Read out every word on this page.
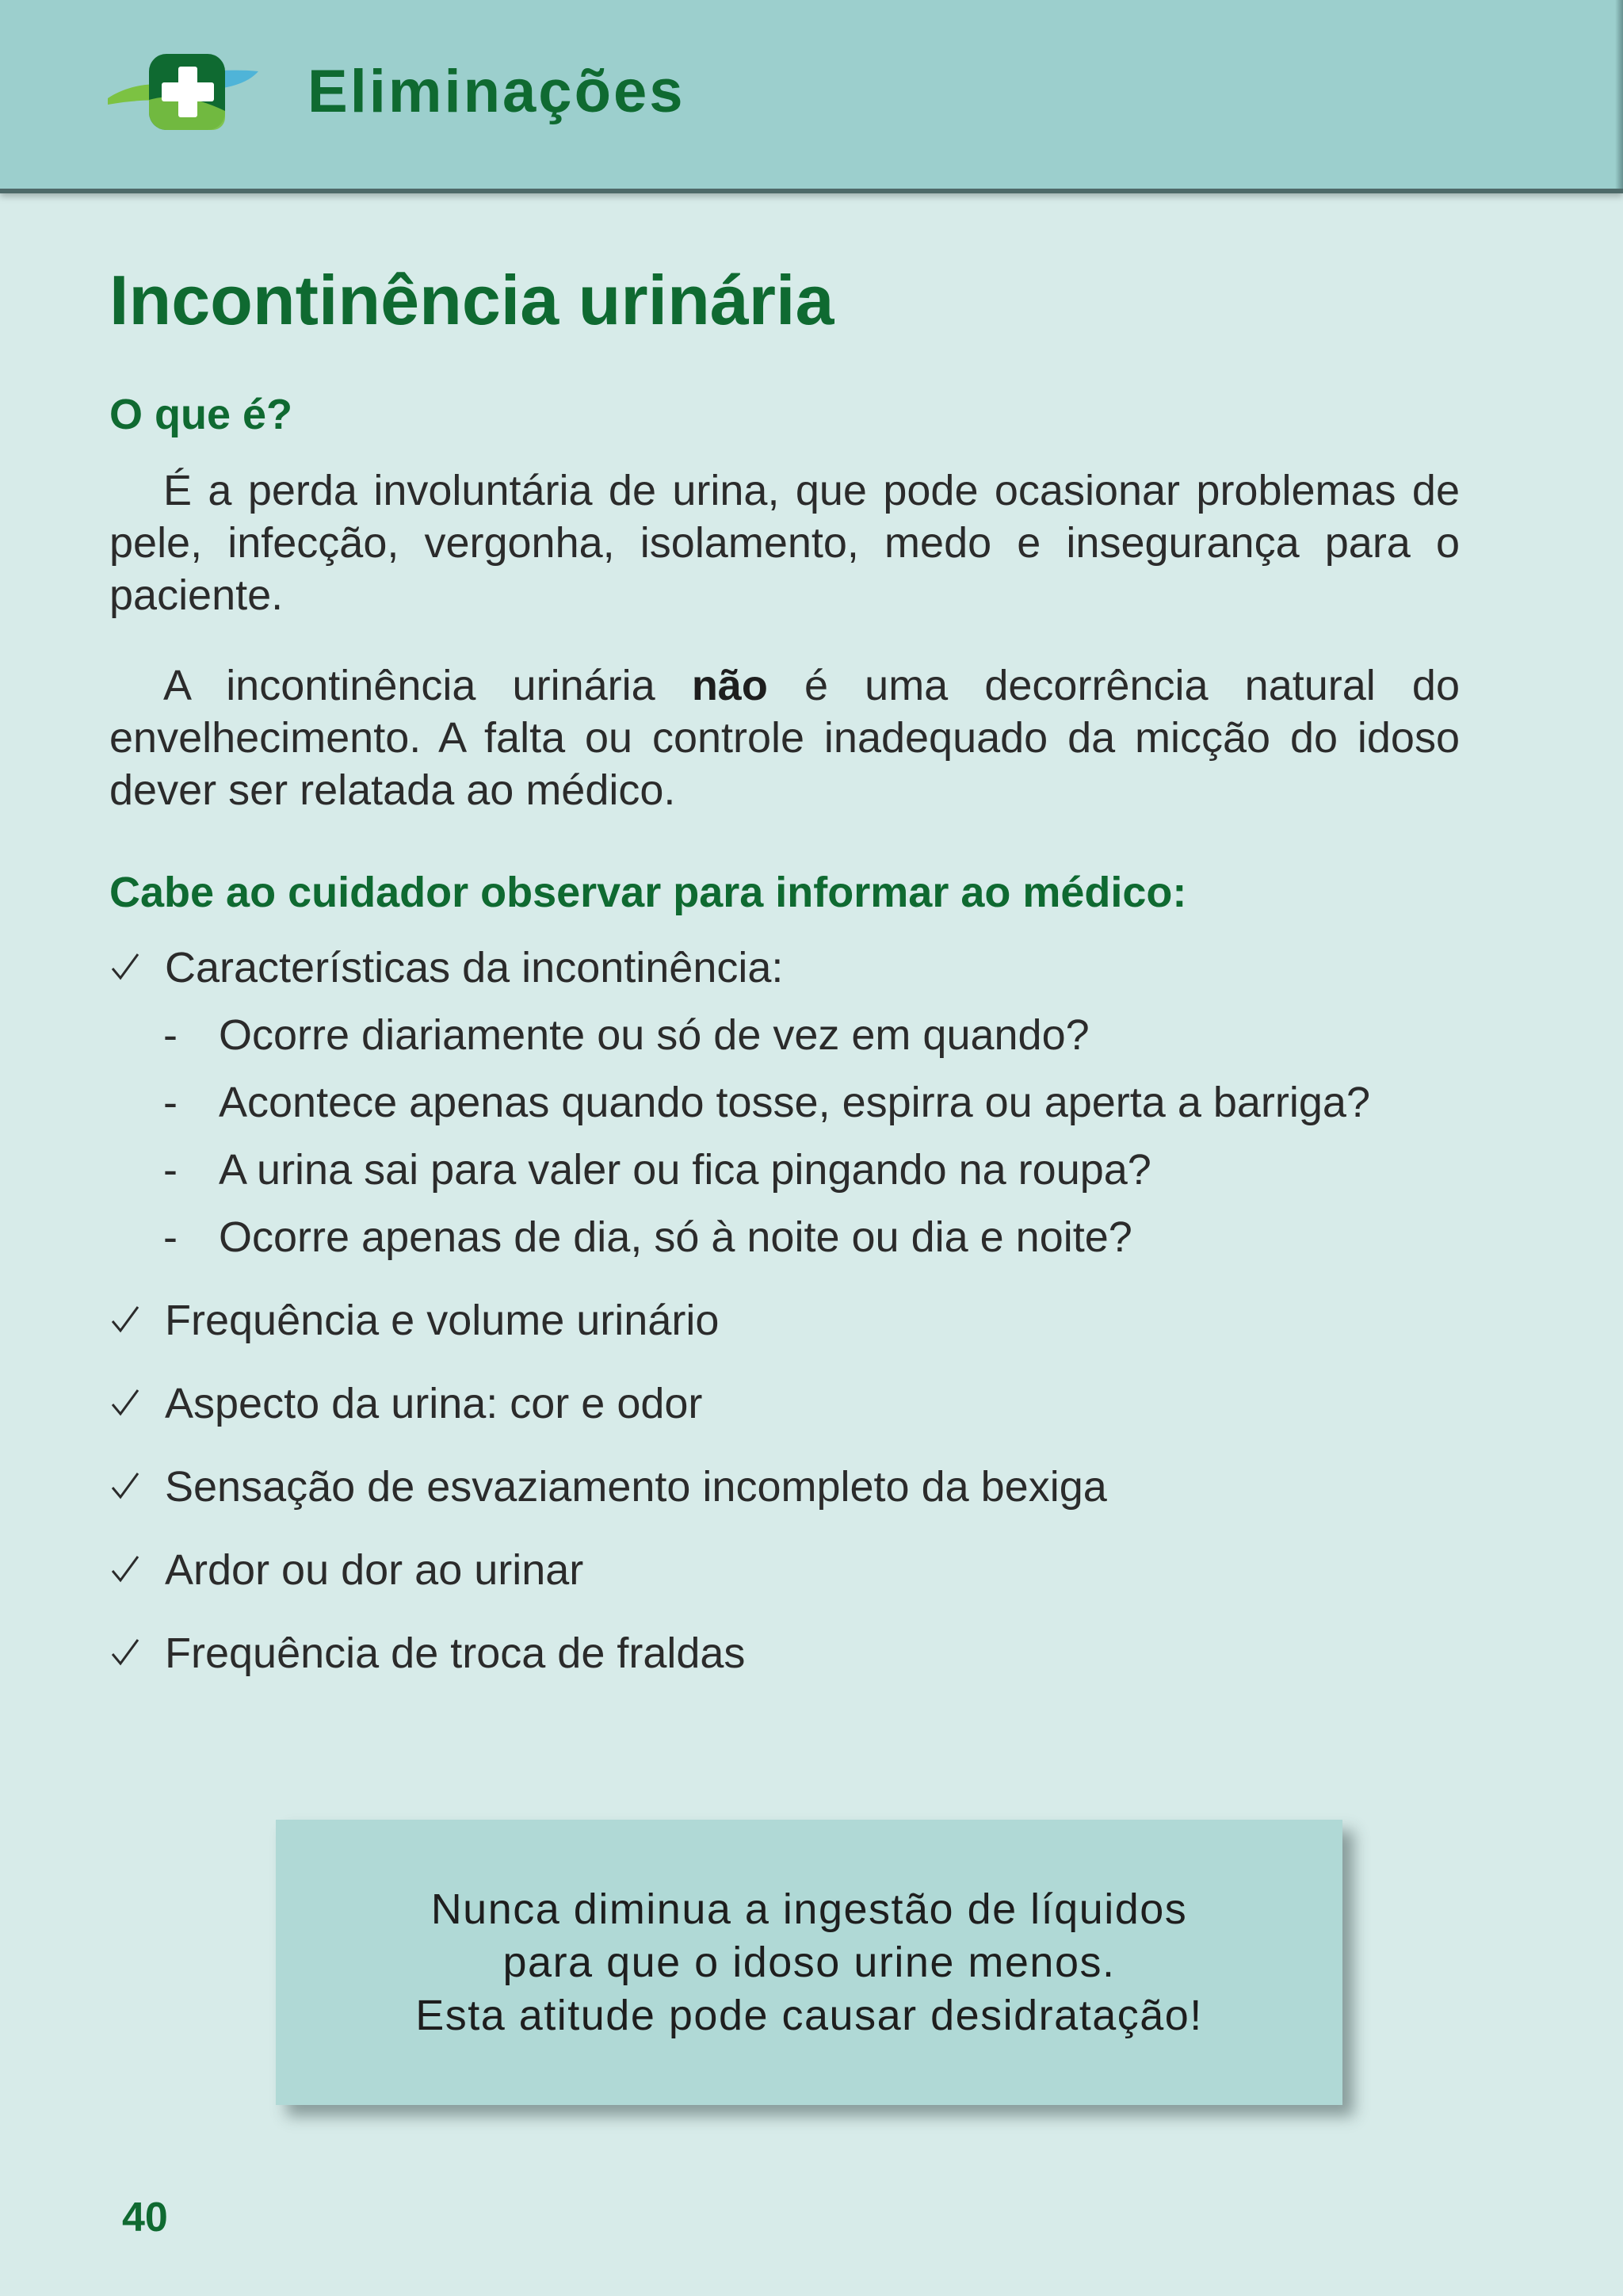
Eliminações
Incontinência urinária
O que é?

É a perda involuntária de urina, que pode ocasionar problemas de pele, infecção, vergonha, isolamento, medo e insegurança para o paciente.

A incontinência urinária não é uma decorrência natural do envelhecimento. A falta ou controle inadequado da micção do idoso dever ser relatada ao médico.

Cabe ao cuidador observar para informar ao médico:
Características da incontinência:
- Ocorre diariamente ou só de vez em quando?
- Acontece apenas quando tosse, espirra ou aperta a barriga?
- A urina sai para valer ou fica pingando na roupa?
- Ocorre apenas de dia, só à noite ou dia e noite?
Frequência e volume urinário
Aspecto da urina: cor e odor
Sensação de esvaziamento incompleto da bexiga
Ardor ou dor ao urinar
Frequência de troca de fraldas
Nunca diminua a ingestão de líquidos
para que o idoso urine menos.
Esta atitude pode causar desidratação!
40
